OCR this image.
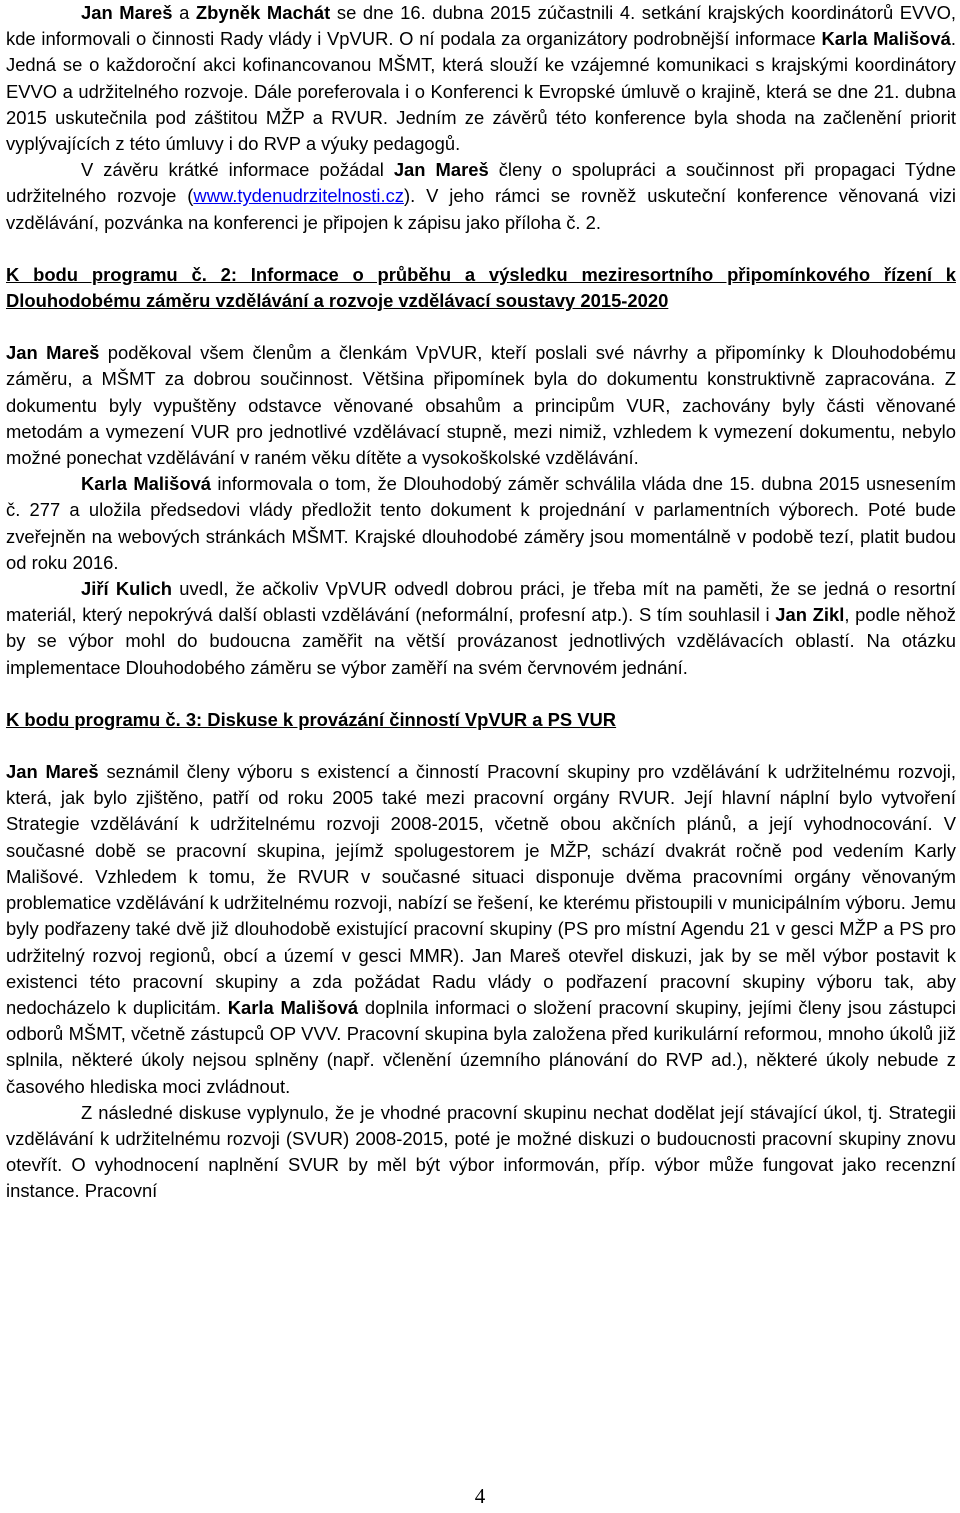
Jan Mareš a Zbyněk Machát se dne 16. dubna 2015 zúčastnili 4. setkání krajských koordinátorů EVVO, kde informovali o činnosti Rady vlády i VpVUR. O ní podala za organizátory podrobnější informace Karla Mališová. Jedná se o každoroční akci kofinancovanou MŠMT, která slouží ke vzájemné komunikaci s krajskými koordinátory EVVO a udržitelného rozvoje. Dále poreferovala i o Konferenci k Evropské úmluvě o krajině, která se dne 21. dubna 2015 uskutečnila pod záštitou MŽP a RVUR. Jedním ze závěrů této konference byla shoda na začlenění priorit vyplývajících z této úmluvy i do RVP a výuky pedagogů.

V závěru krátké informace požádal Jan Mareš členy o spolupráci a součinnost při propagaci Týdne udržitelného rozvoje (www.tydenudrzitelnosti.cz). V jeho rámci se rovněž uskuteční konference věnovaná vizi vzdělávání, pozvánka na konferenci je připojen k zápisu jako příloha č. 2.

K bodu programu č. 2: Informace o průběhu a výsledku meziresortního připomínkového řízení k Dlouhodobému záměru vzdělávání a rozvoje vzdělávací soustavy 2015-2020

Jan Mareš poděkoval všem členům a členkám VpVUR, kteří poslali své návrhy a připomínky k Dlouhodobému záměru, a MŠMT za dobrou součinnost. Většina připomínek byla do dokumentu konstruktivně zapracována. Z dokumentu byly vypuštěny odstavce věnované obsahům a principům VUR, zachovány byly části věnované metodám a vymezení VUR pro jednotlivé vzdělávací stupně, mezi nimiž, vzhledem k vymezení dokumentu, nebylo možné ponechat vzdělávání v raném věku dítěte a vysokoškolské vzdělávání.

Karla Mališová informovala o tom, že Dlouhodobý záměr schválila vláda dne 15. dubna 2015 usnesením č. 277 a uložila předsedovi vlády předložit tento dokument k projednání v parlamentních výborech. Poté bude zveřejněn na webových stránkách MŠMT. Krajské dlouhodobé záměry jsou momentálně v podobě tezí, platit budou od roku 2016.

Jiří Kulich uvedl, že ačkoliv VpVUR odvedl dobrou práci, je třeba mít na paměti, že se jedná o resortní materiál, který nepokrývá další oblasti vzdělávání (neformální, profesní atp.). S tím souhlasil i Jan Zikl, podle něhož by se výbor mohl do budoucna zaměřit na větší provázanost jednotlivých vzdělávacích oblastí. Na otázku implementace Dlouhodobého záměru se výbor zaměří na svém červnovém jednání.

K bodu programu č. 3: Diskuse k provázání činností VpVUR a PS VUR

Jan Mareš seznámil členy výboru s existencí a činností Pracovní skupiny pro vzdělávání k udržitelnému rozvoji, která, jak bylo zjištěno, patří od roku 2005 také mezi pracovní orgány RVUR. Její hlavní náplní bylo vytvoření Strategie vzdělávání k udržitelnému rozvoji 2008-2015, včetně obou akčních plánů, a její vyhodnocování. V současné době se pracovní skupina, jejímž spolugestorem je MŽP, schází dvakrát ročně pod vedením Karly Mališové. Vzhledem k tomu, že RVUR v současné situaci disponuje dvěma pracovními orgány věnovaným problematice vzdělávání k udržitelnému rozvoji, nabízí se řešení, ke kterému přistoupili v municipálním výboru. Jemu byly podřazeny také dvě již dlouhodobě existující pracovní skupiny (PS pro místní Agendu 21 v gesci MŽP a PS pro udržitelný rozvoj regionů, obcí a území v gesci MMR). Jan Mareš otevřel diskuzi, jak by se měl výbor postavit k existenci této pracovní skupiny a zda požádat Radu vlády o podřazení pracovní skupiny výboru tak, aby nedocházelo k duplicitám. Karla Mališová doplnila informaci o složení pracovní skupiny, jejími členy jsou zástupci odborů MŠMT, včetně zástupců OP VVV. Pracovní skupina byla založena před kurikulární reformou, mnoho úkolů již splnila, některé úkoly nejsou splněny (např. včlenění územního plánování do RVP ad.), některé úkoly nebude z časového hlediska moci zvládnout.

Z následné diskuse vyplynulo, že je vhodné pracovní skupinu nechat dodělat její stávající úkol, tj. Strategii vzdělávání k udržitelnému rozvoji (SVUR) 2008-2015, poté je možné diskuzi o budoucnosti pracovní skupiny znovu otevřít. O vyhodnocení naplnění SVUR by měl být výbor informován, příp. výbor může fungovat jako recenzní instance. Pracovní

4
